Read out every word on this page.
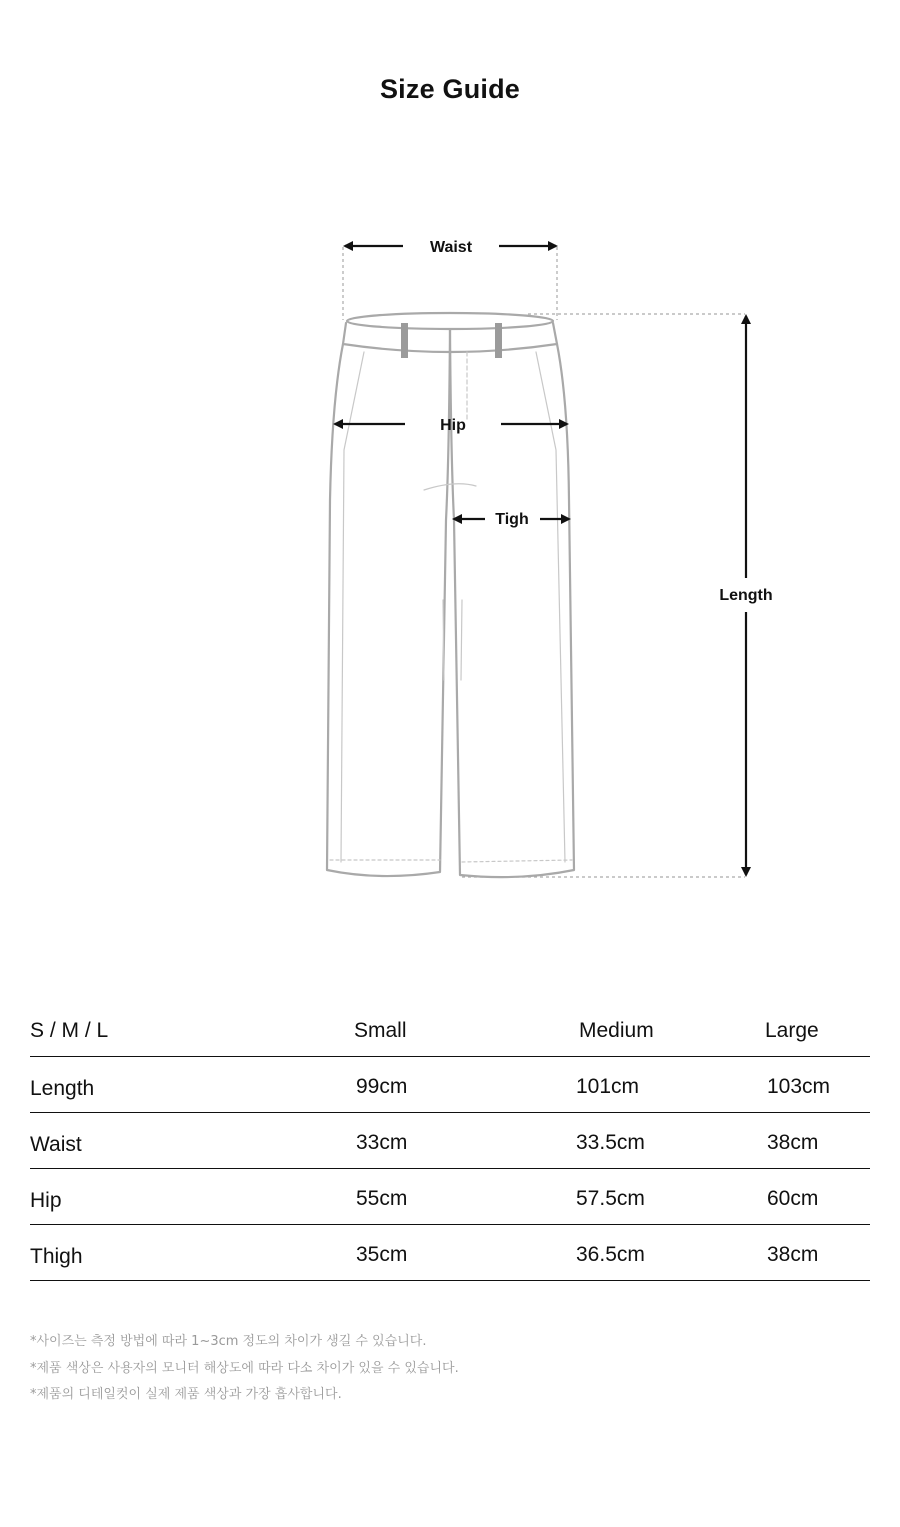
Size Guide
Waist
Hip
Tigh
Length
S / M / L	Small	Medium	Large
Length	99cm	101cm	103cm
Waist	33cm	33.5cm	38cm
Hip	55cm	57.5cm	60cm
Thigh	35cm	36.5cm	38cm
*사이즈는 측정 방법에 따라 1~3cm 정도의 차이가 생길 수 있습니다.
*제품 색상은 사용자의 모니터 해상도에 따라 다소 차이가 있을 수 있습니다.
*제품의 디테일컷이 실제 제품 색상과 가장 흡사합니다.
